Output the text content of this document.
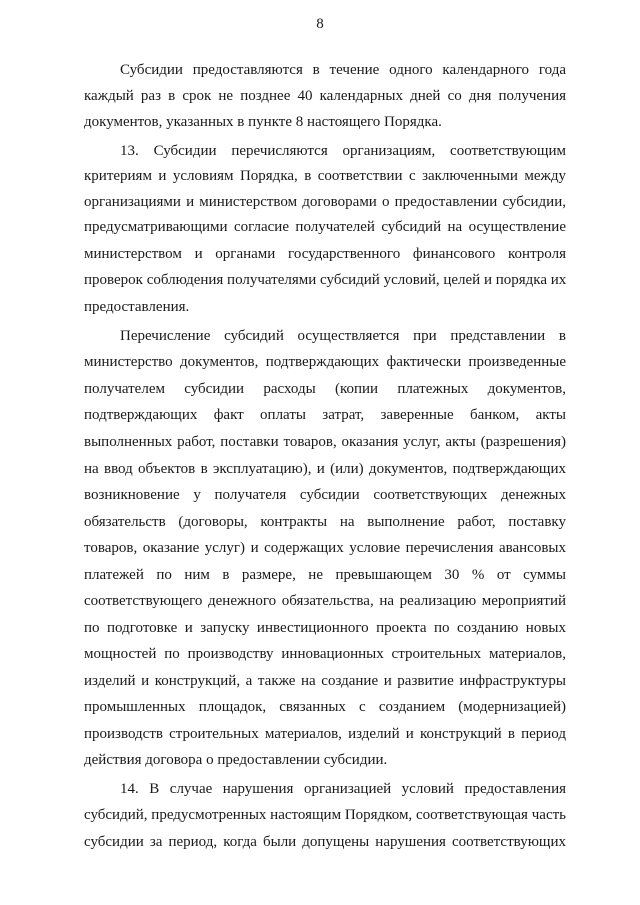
8
Субсидии предоставляются в течение одного календарного года
каждый раз в срок не позднее 40 календарных дней со дня получения
документов, указанных в пункте 8 настоящего Порядка.
13. Субсидии перечисляются организациям, соответствующим
критериям и условиям Порядка, в соответствии с заключенными между
организациями и министерством договорами о предоставлении субсидии,
предусматривающими согласие получателей субсидий на осуществление
министерством и органами государственного финансового контроля
проверок соблюдения получателями субсидий условий, целей и порядка их
предоставления.
Перечисление субсидий осуществляется при представлении в
министерство документов, подтверждающих фактически произведенные
получателем субсидии расходы (копии платежных документов,
подтверждающих факт оплаты затрат, заверенные банком, акты
выполненных работ, поставки товаров, оказания услуг, акты (разрешения)
на ввод объектов в эксплуатацию), и (или) документов, подтверждающих
возникновение у получателя субсидии соответствующих денежных
обязательств (договоры, контракты на выполнение работ, поставку
товаров, оказание услуг) и содержащих условие перечисления авансовых
платежей по ним в размере, не превышающем 30 % от суммы
соответствующего денежного обязательства, на реализацию мероприятий
по подготовке и запуску инвестиционного проекта по созданию новых
мощностей по производству инновационных строительных материалов,
изделий и конструкций, а также на создание и развитие инфраструктуры
промышленных площадок, связанных с созданием (модернизацией)
производств строительных материалов, изделий и конструкций в период
действия договора о предоставлении субсидии.
14. В случае нарушения организацией условий предоставления
субсидий, предусмотренных настоящим Порядком, соответствующая часть
субсидии за период, когда были допущены нарушения соответствующих
